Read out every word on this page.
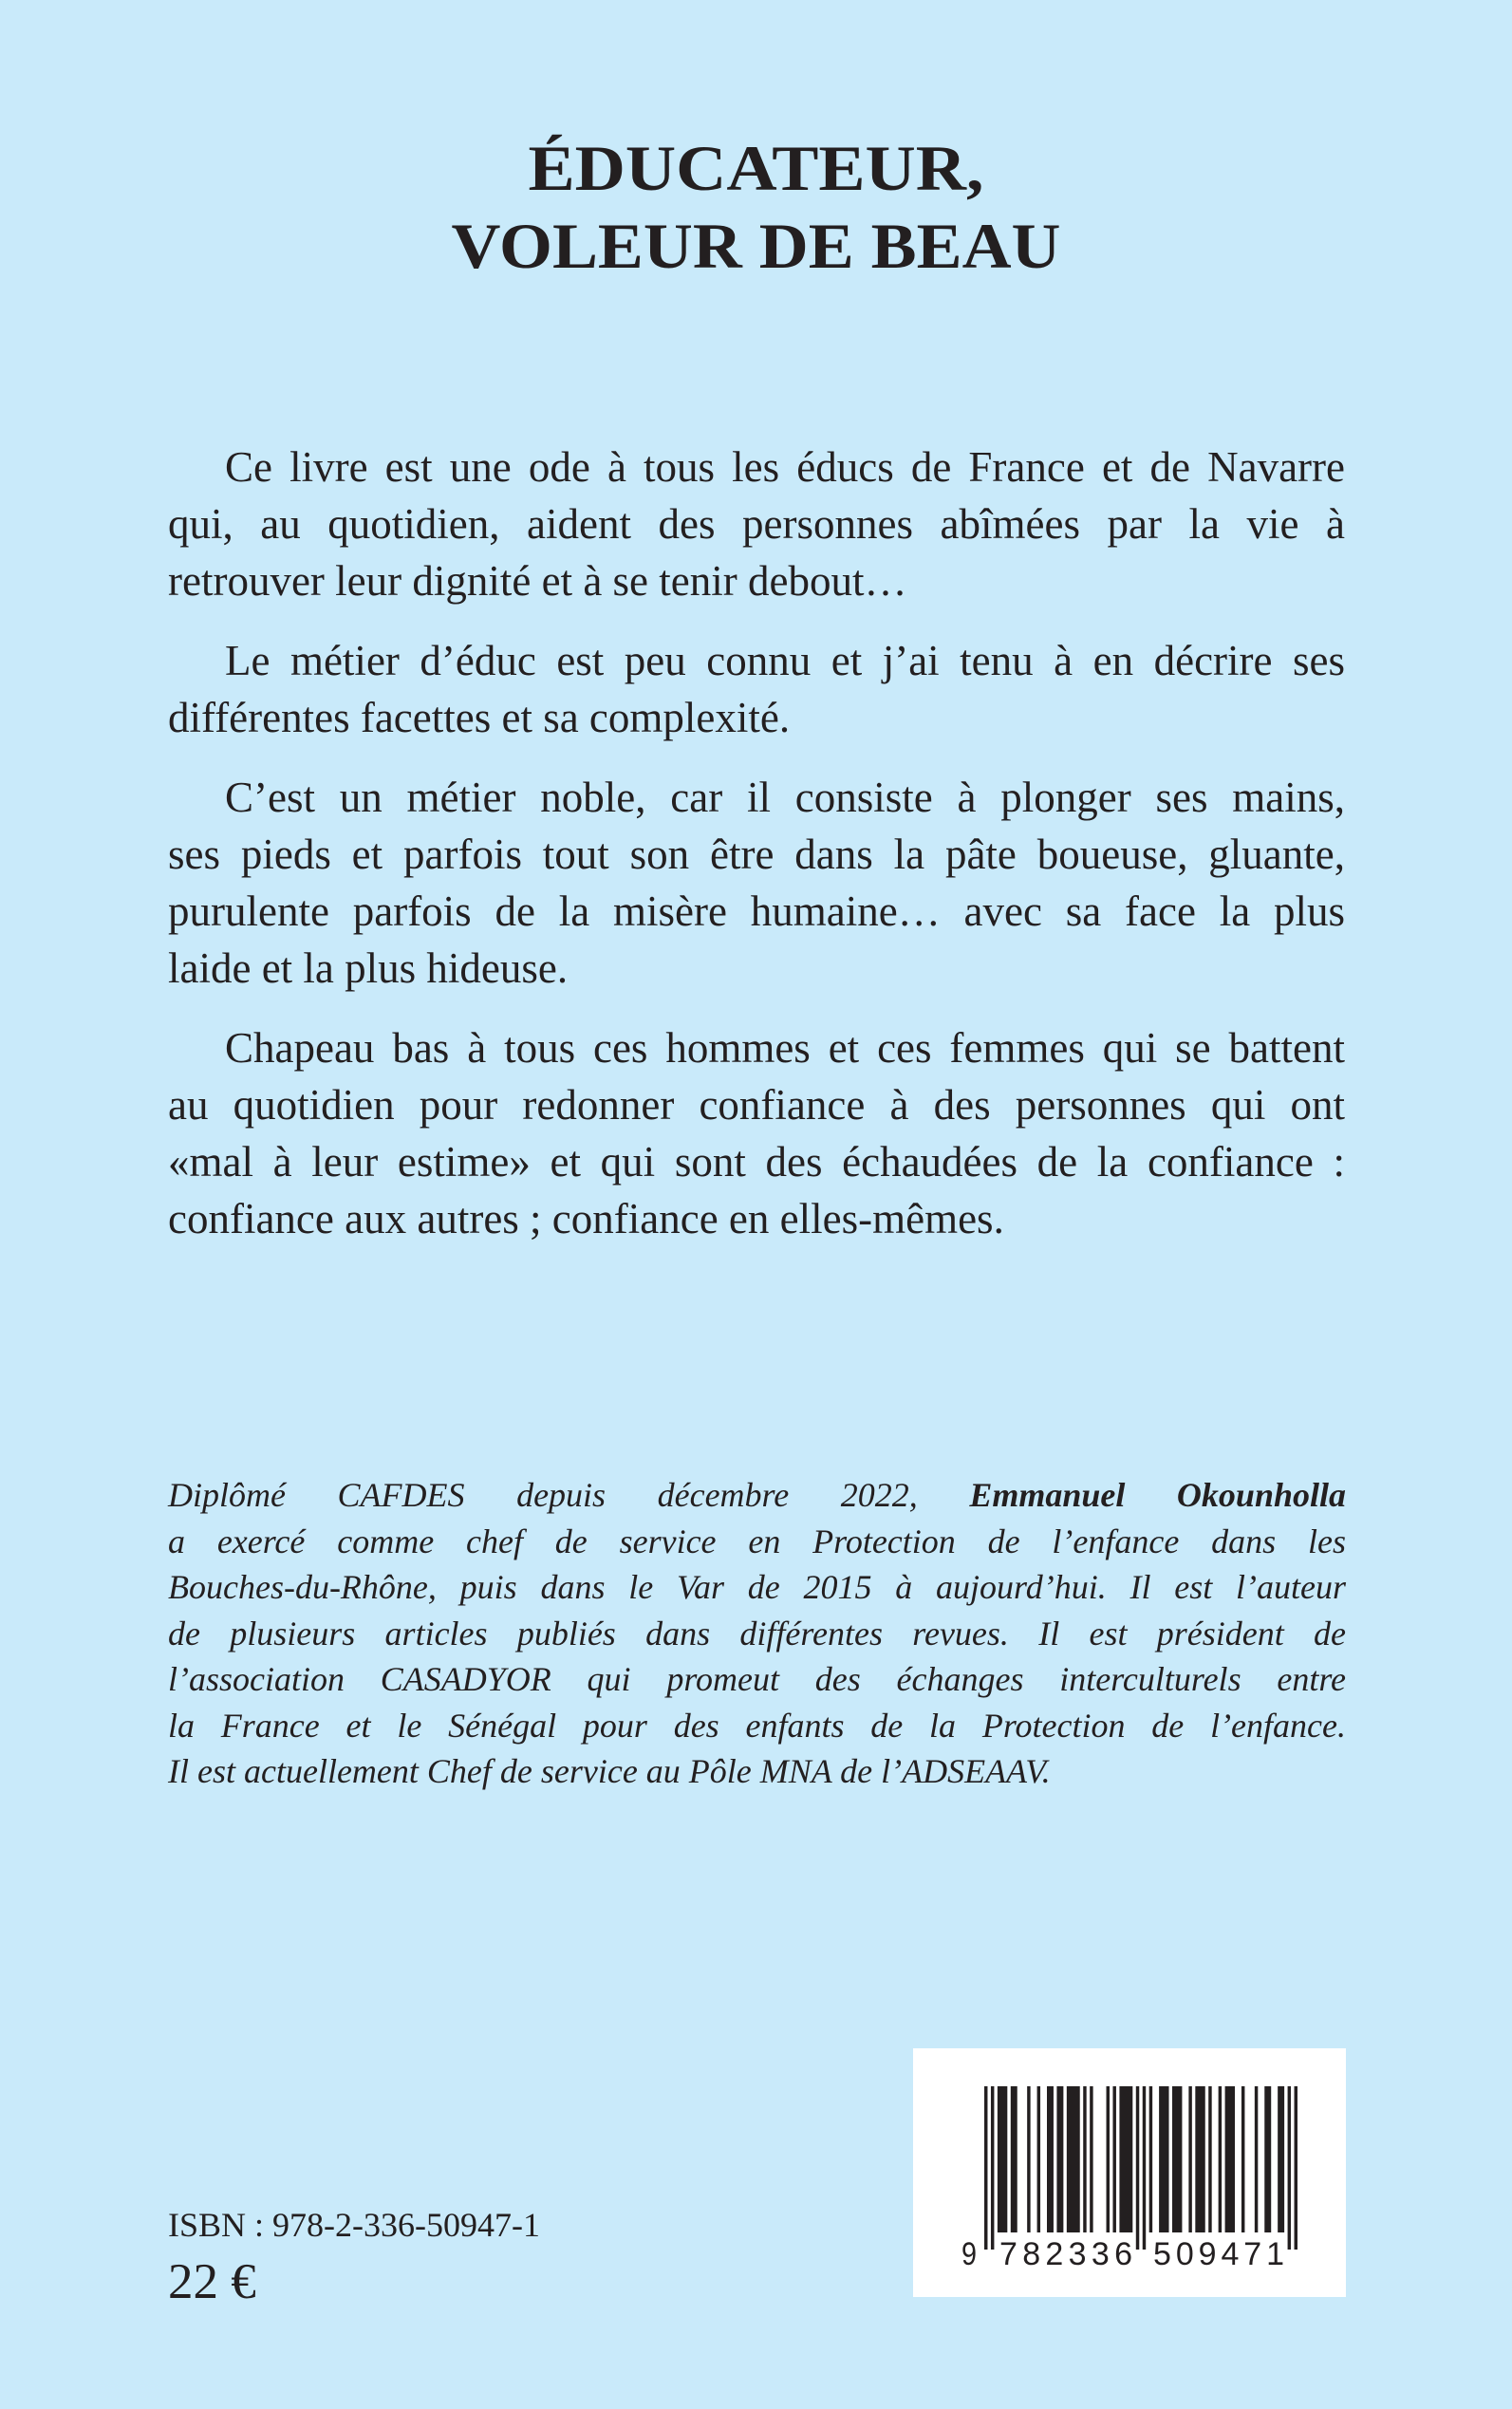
ÉDUCATEUR,
VOLEUR DE BEAU
Ce livre est une ode à tous les éducs de France et de Navarre
qui, au quotidien, aident des personnes abîmées par la vie à
retrouver leur dignité et à se tenir debout…
Le métier d’éduc est peu connu et j’ai tenu à en décrire ses
différentes facettes et sa complexité.
C’est un métier noble, car il consiste à plonger ses mains,
ses pieds et parfois tout son être dans la pâte boueuse, gluante,
purulente parfois de la misère humaine… avec sa face la plus
laide et la plus hideuse.
Chapeau bas à tous ces hommes et ces femmes qui se battent
au quotidien pour redonner confiance à des personnes qui ont
«mal à leur estime» et qui sont des échaudées de la confiance :
confiance aux autres ; confiance en elles-mêmes.
Diplômé CAFDES depuis décembre 2022, Emmanuel Okounholla
a exercé comme chef de service en Protection de l’enfance dans les
Bouches-du-Rhône, puis dans le Var de 2015 à aujourd’hui. Il est l’auteur
de plusieurs articles publiés dans différentes revues. Il est président de
l’association CASADYOR qui promeut des échanges interculturels entre
la France et le Sénégal pour des enfants de la Protection de l’enfance.
Il est actuellement Chef de service au Pôle MNA de l’ADSEAAV.
ISBN : 978-2-336-50947-1
22 €	9 782336 509471
